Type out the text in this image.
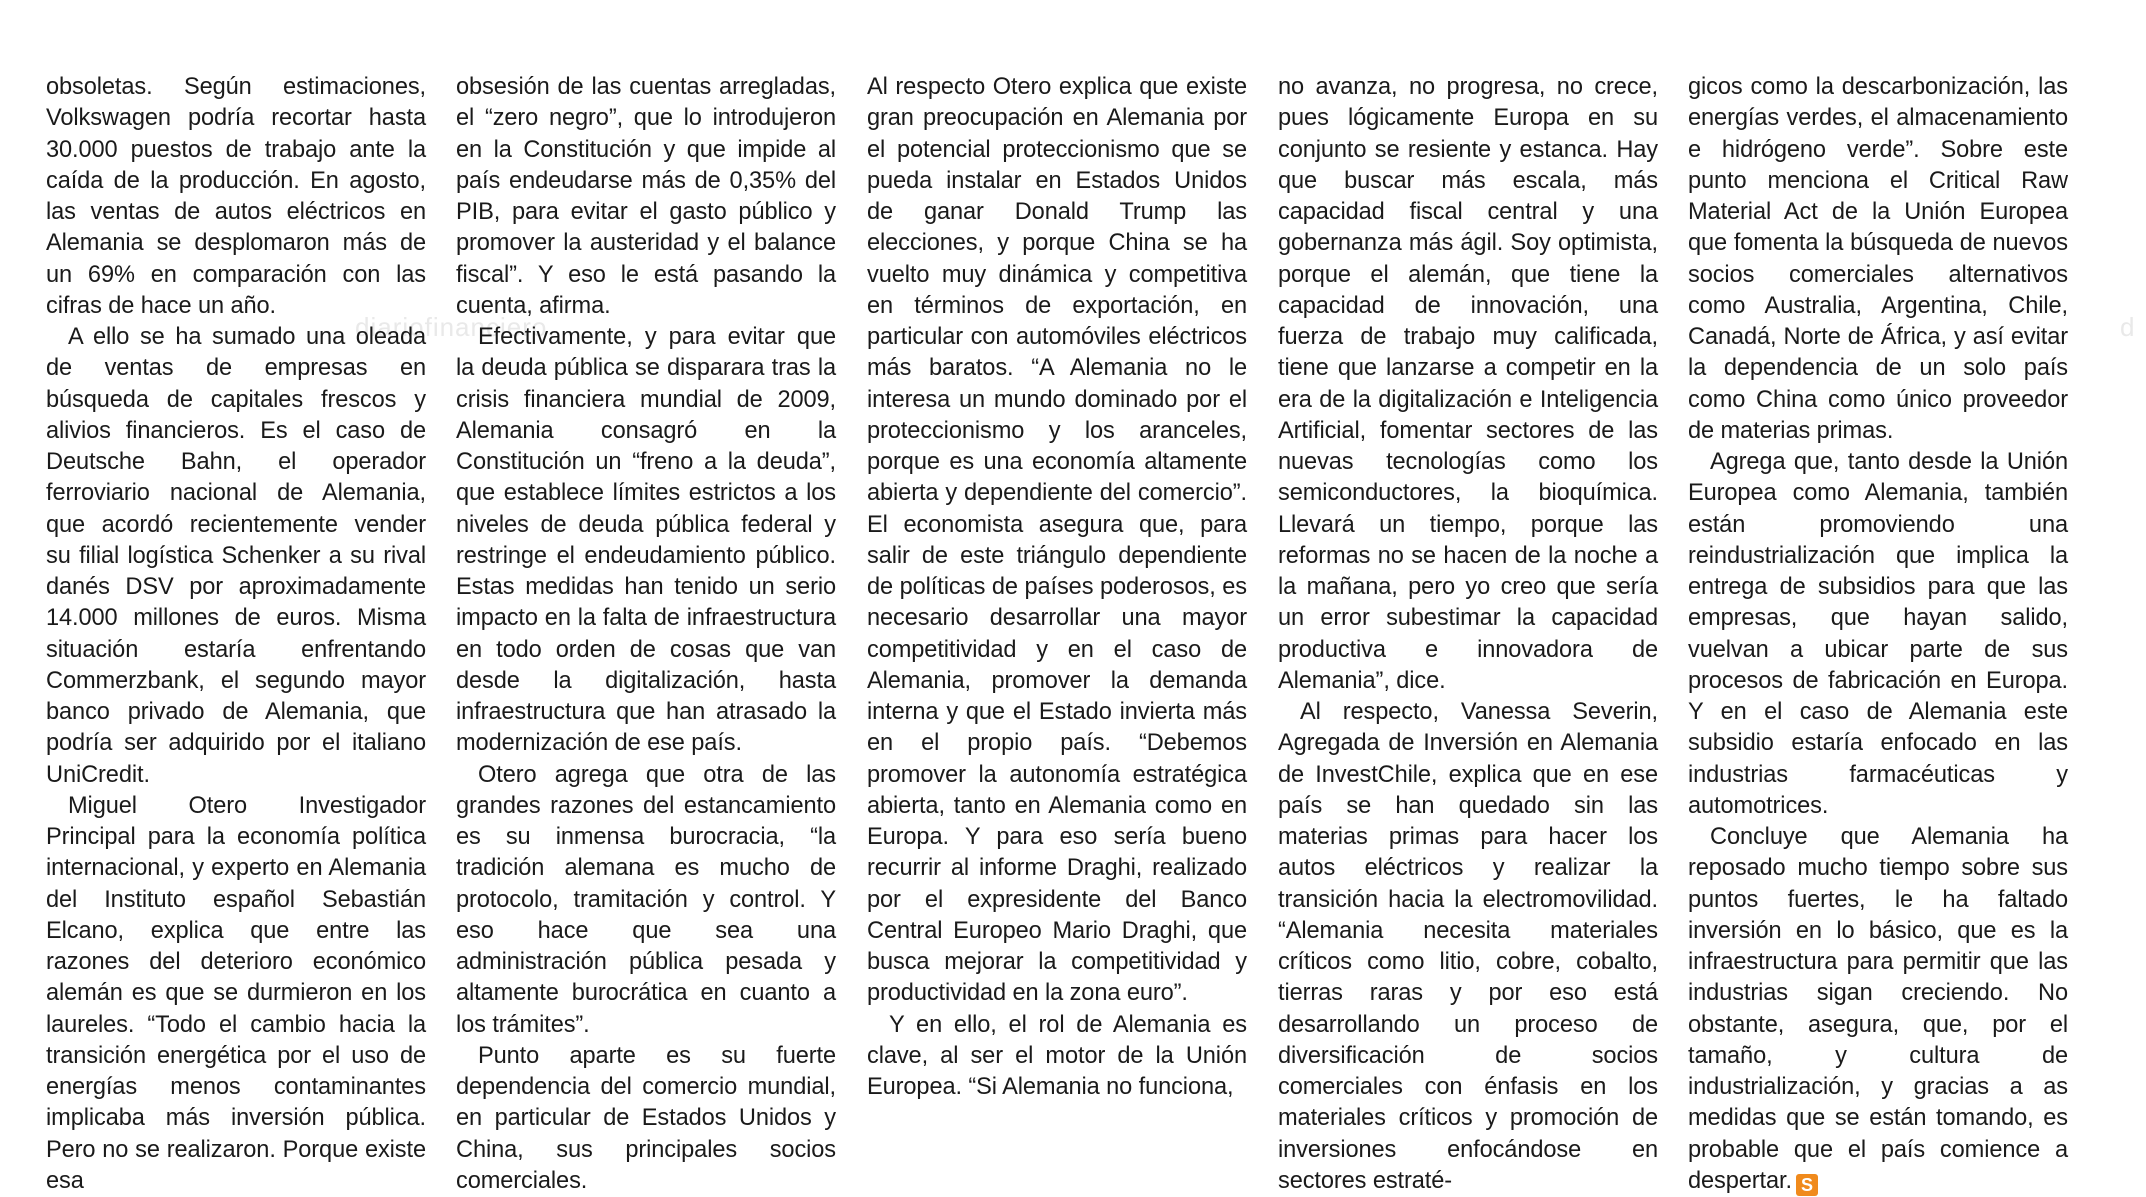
diariofinanciero	d

obsoletas. Según estimaciones, Volkswagen podría recortar hasta 30.000 puestos de trabajo ante la caída de la producción. En agosto, las ventas de autos eléctricos en Alemania se desplomaron más de un 69% en comparación con las cifras de hace un año.

A ello se ha sumado una oleada de ventas de empresas en búsqueda de capitales frescos y alivios financieros. Es el caso de Deutsche Bahn, el operador ferroviario nacional de Alemania, que acordó recientemente vender su filial logística Schenker a su rival danés DSV por aproximadamente 14.000 millones de euros. Misma situación estaría enfrentando Commerzbank, el segundo mayor banco privado de Alemania, que podría ser adquirido por el italiano UniCredit.

Miguel Otero Investigador Principal para la economía política internacional, y experto en Alemania del Instituto español Sebastián Elcano, explica que entre las razones del deterioro económico alemán es que se durmieron en los laureles. “Todo el cambio hacia la transición energética por el uso de energías menos contaminantes implicaba más inversión pública. Pero no se realizaron. Porque existe esa

obsesión de las cuentas arregladas, el “zero negro”, que lo introdujeron en la Constitución y que impide al país endeudarse más de 0,35% del PIB, para evitar el gasto público y promover la austeridad y el balance fiscal”. Y eso le está pasando la cuenta, afirma.

Efectivamente, y para evitar que la deuda pública se disparara tras la crisis financiera mundial de 2009, Alemania consagró en la Constitución un “freno a la deuda”, que establece límites estrictos a los niveles de deuda pública federal y restringe el endeudamiento público. Estas medidas han tenido un serio impacto en la falta de infraestructura en todo orden de cosas que van desde la digitalización, hasta infraestructura que han atrasado la modernización de ese país.

Otero agrega que otra de las grandes razones del estancamiento es su inmensa burocracia, “la tradición alemana es mucho de protocolo, tramitación y control. Y eso hace que sea una administración pública pesada y altamente burocrática en cuanto a los trámites”.

Punto aparte es su fuerte dependencia del comercio mundial, en particular de Estados Unidos y China, sus principales socios comerciales.

Al respecto Otero explica que existe gran preocupación en Alemania por el potencial proteccionismo que se pueda instalar en Estados Unidos de ganar Donald Trump las elecciones, y porque China se ha vuelto muy dinámica y competitiva en términos de exportación, en particular con automóviles eléctricos más baratos. “A Alemania no le interesa un mundo dominado por el proteccionismo y los aranceles, porque es una economía altamente abierta y dependiente del comercio”. El economista asegura que, para salir de este triángulo dependiente de políticas de países poderosos, es necesario desarrollar una mayor competitividad y en el caso de Alemania, promover la demanda interna y que el Estado invierta más en el propio país. “Debemos promover la autonomía estratégica abierta, tanto en Alemania como en Europa. Y para eso sería bueno recurrir al informe Draghi, realizado por el expresidente del Banco Central Europeo Mario Draghi, que busca mejorar la competitividad y productividad en la zona euro”.

Y en ello, el rol de Alemania es clave, al ser el motor de la Unión Europea. “Si Alemania no funciona,

no avanza, no progresa, no crece, pues lógicamente Europa en su conjunto se resiente y estanca. Hay que buscar más escala, más capacidad fiscal central y una gobernanza más ágil. Soy optimista, porque el alemán, que tiene la capacidad de innovación, una fuerza de trabajo muy calificada, tiene que lanzarse a competir en la era de la digitalización e Inteligencia Artificial, fomentar sectores de las nuevas tecnologías como los semiconductores, la bioquímica. Llevará un tiempo, porque las reformas no se hacen de la noche a la mañana, pero yo creo que sería un error subestimar la capacidad productiva e innovadora de Alemania”, dice.

Al respecto, Vanessa Severin, Agregada de Inversión en Alemania de InvestChile, explica que en ese país se han quedado sin las materias primas para hacer los autos eléctricos y realizar la transición hacia la electromovilidad. “Alemania necesita materiales críticos como litio, cobre, cobalto, tierras raras y por eso está desarrollando un proceso de diversificación de socios comerciales con énfasis en los materiales críticos y promoción de inversiones enfocándose en sectores estraté-

gicos como la descarbonización, las energías verdes, el almacenamiento e hidrógeno verde”. Sobre este punto menciona el Critical Raw Material Act de la Unión Europea que fomenta la búsqueda de nuevos socios comerciales alternativos como Australia, Argentina, Chile, Canadá, Norte de África, y así evitar la dependencia de un solo país como China como único proveedor de materias primas.

Agrega que, tanto desde la Unión Europea como Alemania, también están promoviendo una reindustrialización que implica la entrega de subsidios para que las empresas, que hayan salido, vuelvan a ubicar parte de sus procesos de fabricación en Europa. Y en el caso de Alemania este subsidio estaría enfocado en las industrias farmacéuticas y automotrices.

Concluye que Alemania ha reposado mucho tiempo sobre sus puntos fuertes, le ha faltado inversión en lo básico, que es la infraestructura para permitir que las industrias sigan creciendo. No obstante, asegura, que, por el tamaño, y cultura de industrialización, y gracias a as medidas que se están tomando, es probable que el país comience a despertar. S
